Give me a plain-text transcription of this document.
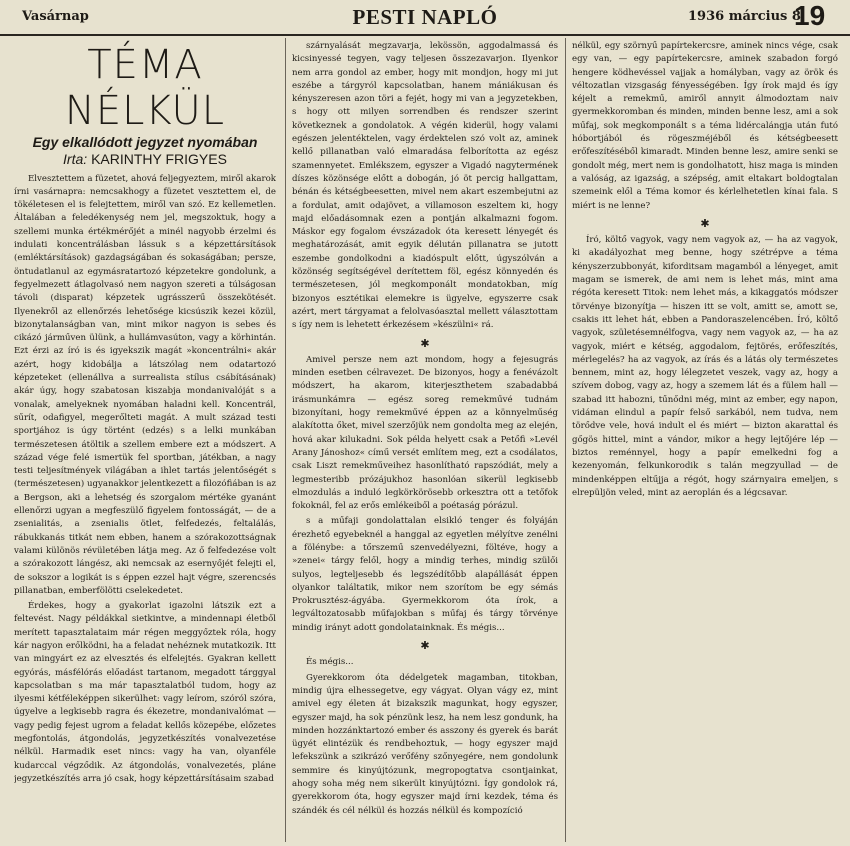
Vasárnap	PESTI NAPLÓ	1936 március 8
19
TÉMA NÉLKÜL
Egy elkallódott jegyzet nyomában
Irta: KARINTHY FRIGYES

Elvesztettem a füzetet, ahová feljegyeztem, miről akarok írni vasárnapra: nemcsakhogy a füzetet vesztettem el, de tökéletesen el is felejtettem, miről van szó. Ez kellemetlen. Általában a feledékenység nem jel, megszoktuk, hogy a szellemi munka értékmérőjét a minél nagyobb érzelmi és indulati koncentrálásban lássuk s a képzettársítások (emléktársítások) gazdagságában és sokaságában; persze, öntudatlanul az egymásratartozó képzetekre gondolunk, a fegyelmezett átlagolvasó nem nagyon szereti a túlságosan távoli (disparat) képzetek ugrásszerű összekötését. Ilyenekről az ellenőrzés lehetősége kicsúszik kezei közül, bizonytalanságban van, mint mikor nagyon is sebes és cikázó járműven ülünk, a hullámvasúton, vagy a körhintán. Ezt érzi az író is és igyekszik magát »koncentrálni« akár azért, hogy kidobálja a látszólag nem odatartozó képzeteket (ellenállva a surrealista stílus csábításának) akár úgy, hogy szabatosan kiszabja mondanivalóját s a vonalak, amelyeknek nyomában haladni kell. Koncentrál, sűrít, odafigyel, megerőlteti magát. A mult század testi sportjához is úgy történt (edzés) s a lelki munkában természetesen átöltik a szellem embere ezt a módszert. A század vége felé ismertük fel sportban, játékban, a nagy testi teljesítmények világában a ihlet tartás jelentőségét s (természetesen) ugyanakkor jelentkezett a filozófiában is az a Bergson, aki a lehetség és szorgalom mértéke gyanánt ellenőrzi ugyan a megfeszülő figyelem fontosságát, — de a zsenialitás, a zsenialis ötlet, felfedezés, feltalálás, rábukkanás titkát nem ebben, hanem a szórakozottságnak valami különös révületében látja meg. Az ő felfedezése volt a szórakozott lángész, aki nemcsak az esernyőjét felejti el, de sokszor a logikát is s éppen ezzel hajt végre, szerencsés pillanatban, emberfölötti cselekedetet.

Érdekes, hogy a gyakorlat igazolni látszik ezt a feltevést. Nagy példákkal sietkintve, a mindennapi életből merített tapasztalataim már régen meggyőztek róla, hogy kár nagyon erőlködni, ha a feladat nehéznek mutatkozik. Itt van mingyárt ez az elvesztés és elfelejtés. Gyakran kellett egyórás, másfélórás előadást tartanom, megadott tárggyal kapcsolatban s ma már tapasztalatból tudom, hogy az ilyesmi kétféleképpen sikerülhet: vagy leírom, szóról szóra, úgyelve a legkisebb ragra és ékezetre, mondanivalómat — vagy pedig fejest ugrom a feladat kellős közepébe, előzetes megfontolás, átgondolás, jegyzetkészítés vonalvezetése nélkül. Harmadik eset nincs: vagy ha van, olyanféle kudarccal végződik. Az átgondolás, vonalvezetés, pláne jegyzetkészítés arra jó csak, hogy képzettársításaim szabad

szárnyalását megzavarja, lekössön, aggodalmassá és kicsinyessé tegyen, vagy teljesen összezavarjon. Ilyenkor nem arra gondol az ember, hogy mit mondjon, hogy mi jut eszébe a tárgyról kapcsolatban, hanem mániákusan és kényszeresen azon töri a fejét, hogy mi van a jegyzetekben, s hogy ott milyen sorrendben és rendszer szerint következnek a gondolatok. A végén kiderül, hogy valami egészen jelentéktelen, vagy érdektelen szó volt az, aminek kellő pillanatban való elmaradása felborította az egész szamennyetet. Emlékszem, egyszer a Vigadó nagytermének díszes közönsége előtt a dobogán, jó öt percig hallgattam, bénán és kétségbeesetten, mivel nem akart eszembejutni az a fordulat, amit odajövet, a villamoson eszeltem ki, hogy majd előadásomnak ezen a pontján alkalmazni fogom. Máskor egy fogalom évszázadok óta keresett lényegét és meghatározását, amit egyik délután pillanatra se jutott eszembe gondolkodni a kiadóspult előtt, úgyszólván a közönség segítségével derítettem föl, egész könnyedén és természetesen, jól megkomponált mondatokban, míg bizonyos esztétikai elemekre is ügyelve, egyszerre csak azért, mert tárgyamat a felolvasóasztal mellett választottam s így nem is lehetett érkezésem »készülni« rá.

✱

Amivel persze nem azt mondom, hogy a fejesugrás minden esetben célravezet. De bizonyos, hogy a fenévázolt módszert, ha akarom, kiterjeszthetem szabadabbá irásmunkámra — egész soreg remekművé tudnám bizonyítani, hogy remekművé éppen az a könnyelműség alakította őket, mivel szerzőjük nem gondolta meg az elején, hová akar kilukadni. Sok példa helyett csak a Petőfi »Levél Arany Jánoshoz« című versét említem meg, ezt a csodálatos, csak Liszt remekműveihez hasonlítható rapszódiát, mely a legmesteribb prózájukhoz hasonlóan sikerül legkisebb elmozdulás a induló legkörkörösebb orkesztra ott a tetőfok fokoknál, fel az erős emlékeiből a poétaság pórázul.

s a műfaji gondolattalan elsikló tenger és folyáján érezhető egyebeknél a hanggal az egyetlen mélyítve zenélni a fölénybe: a tőrszemű szenvedélyezni, föltéve, hogy a »zenei« tárgy felől, hogy a mindig terhes, mindig szülői sulyos, legteljesebb és legszédítőbb alapállását éppen olyankor találtatik, mikor nem szorítom be egy sémás Prokrusztész-ágyába. Gyermekkorom óta írok, a legváltozatosabb műfajokban s műfaj és tárgy törvénye mindig irányt adott gondolatainknak. És mégis...

✱

És mégis...

Gyerekkorom óta dédelgetek magamban, titokban, mindig újra elhessegetve, egy vágyat. Olyan vágy ez, mint amivel egy életen át bizakszik magunkat, hogy egyszer, egyszer majd, ha sok pénzünk lesz, ha nem lesz gondunk, ha minden hozzánktartozó ember és asszony és gyerek és barát ügyét elintézük és rendbehoztuk, — hogy egyszer majd lefekszünk a szikrázó verőfény szőnyegére, nem gondolunk semmire és kinyújtózunk, megropogtatva csontjainkat, ahogy soha még nem sikerült kinyújtózni. Így gondolok rá, gyerekkorom óta, hogy egyszer majd írni kezdek, téma és szándék és cél nélkül és hozzás nélkül és kompozíció

nélkül, egy szörnyű papírtekercsre, aminek nincs vége, csak egy van, — egy papírtekercsre, aminek szabadon forgó hengere ködhevéssel vajjak a homályban, vagy az örök és véltozatlan vizsgaság fényességében. Így írok majd és így kéjelt a remekmű, amiről annyit álmodoztam naiv gyermekkoromban és minden, minden benne lesz, ami a sok műfaj, sok megkomponált s a téma lidércalángja után futó hóbortjából és rögeszméjéből és kétségbeesett erőfeszítéséből kimaradt. Minden benne lesz, amire senki se gondolt még, mert nem is gondolhatott, hisz maga is minden a valóság, az igazság, a szépség, amit eltakart boldogtalan szemeink elől a Téma komor és kérlelhetetlen kínai fala. S miért is ne lenne?

✱

Író, költő vagyok, vagy nem vagyok az, — ha az vagyok, ki akadályozhat meg benne, hogy szétrépve a téma kényszerzubbonyát, kiforditsam magamból a lényeget, amit magam se ismerek, de ami nem is lehet más, mint ama régóta keresett Titok: nem lehet más, a kikaggatós módszer törvénye bizonyítja — hiszen itt se volt, amitt se, amott se, csakis itt lehet hát, ebben a Pandoraszelencében. Író, költő vagyok, születésemnélfogva, vagy nem vagyok az, — ha az vagyok, miért e kétség, aggodalom, fejtörés, erőfeszítés, mérlegelés? ha az vagyok, az írás és a látás oly természetes bennem, mint az, hogy lélegzetet veszek, vagy az, hogy a szívem dobog, vagy az, hogy a szemem lát és a fülem hall — szabad itt habozni, tűnődni még, mint az ember, egy napon, vidáman elindul a papír felső sarkából, nem tudva, nem törődve vele, hová indult el és miért — bizton akarattal és gőgös hittel, mint a vándor, mikor a hegy lejtőjére lép — biztos reménnyel, hogy a papír emelkedni fog a kezenyomán, felkunkorodik s talán megzyullad — de mindenképpen eltűjja a régót, hogy szárnyaira emeljen, s elrepüljön veled, mint az aeroplán és a légcsavar.
